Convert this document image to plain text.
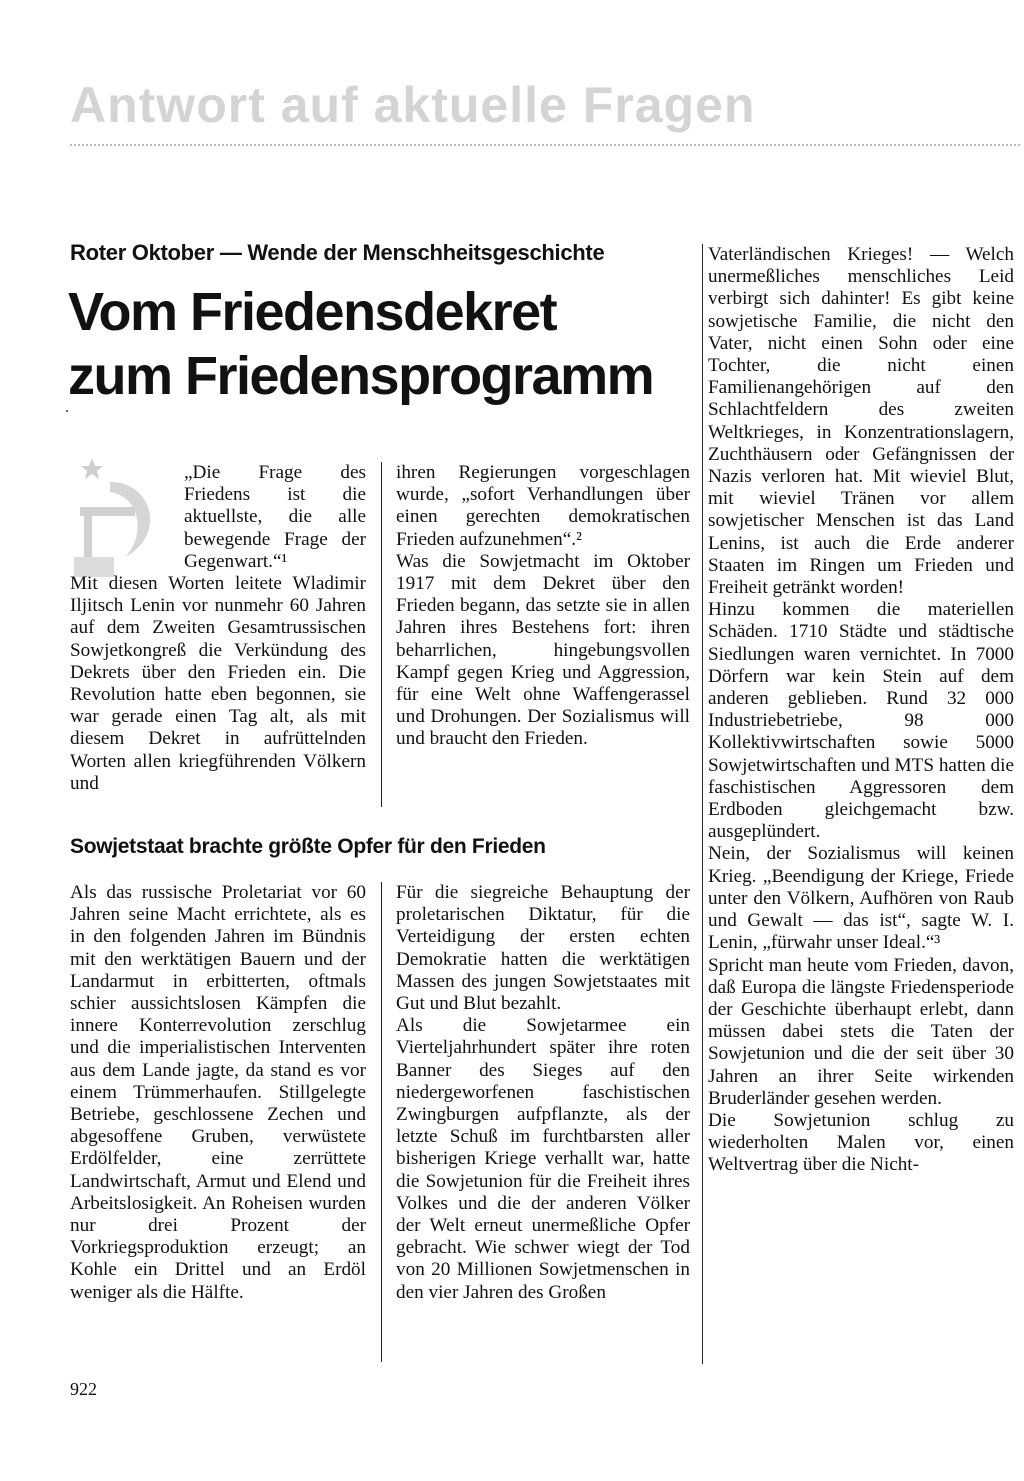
Antwort auf aktuelle Fragen
Roter Oktober — Wende der Menschheitsgeschichte
Vom Friedensdekret
zum Friedensprogramm

„Die Frage des Friedens ist die aktuellste, die alle bewegende Frage der Gegenwart.“¹

Mit diesen Worten leitete Wladimir Iljitsch Lenin vor nunmehr 60 Jahren auf dem Zweiten Gesamtrussischen Sowjetkongreß die Verkündung des Dekrets über den Frieden ein. Die Revolution hatte eben begonnen, sie war gerade einen Tag alt, als mit diesem Dekret in aufrüttelnden Worten allen kriegführenden Völkern und

ihren Regierungen vorgeschlagen wurde, „sofort Verhandlungen über einen gerechten demokratischen Frieden aufzunehmen“.²

Was die Sowjetmacht im Oktober 1917 mit dem Dekret über den Frieden begann, das setzte sie in allen Jahren ihres Bestehens fort: ihren beharrlichen, hingebungsvollen Kampf gegen Krieg und Aggression, für eine Welt ohne Waffengerassel und Drohungen. Der Sozialismus will und braucht den Frieden.

Sowjetstaat brachte größte Opfer für den Frieden

Als das russische Proletariat vor 60 Jahren seine Macht errichtete, als es in den folgenden Jahren im Bündnis mit den werktätigen Bauern und der Landarmut in erbitterten, oftmals schier aussichtslosen Kämpfen die innere Konterrevolution zerschlug und die imperialistischen Interventen aus dem Lande jagte, da stand es vor einem Trümmerhaufen. Stillgelegte Betriebe, geschlossene Zechen und abgesoffene Gruben, verwüstete Erdölfelder, eine zerrüttete Landwirtschaft, Armut und Elend und Arbeitslosigkeit. An Roheisen wurden nur drei Prozent der Vorkriegsproduktion erzeugt; an Kohle ein Drittel und an Erdöl weniger als die Hälfte.

Für die siegreiche Behauptung der proletarischen Diktatur, für die Verteidigung der ersten echten Demokratie hatten die werktätigen Massen des jungen Sowjetstaates mit Gut und Blut bezahlt.

Als die Sowjetarmee ein Vierteljahrhundert später ihre roten Banner des Sieges auf den niedergeworfenen faschistischen Zwingburgen aufpflanzte, als der letzte Schuß im furchtbarsten aller bisherigen Kriege verhallt war, hatte die Sowjetunion für die Freiheit ihres Volkes und die der anderen Völker der Welt erneut unermeßliche Opfer gebracht. Wie schwer wiegt der Tod von 20 Millionen Sowjetmenschen in den vier Jahren des Großen

Vaterländischen Krieges! — Welch unermeßliches menschliches Leid verbirgt sich dahinter! Es gibt keine sowjetische Familie, die nicht den Vater, nicht einen Sohn oder eine Tochter, die nicht einen Familienangehörigen auf den Schlachtfeldern des zweiten Weltkrieges, in Konzentrationslagern, Zuchthäusern oder Gefängnissen der Nazis verloren hat. Mit wieviel Blut, mit wieviel Tränen vor allem sowjetischer Menschen ist das Land Lenins, ist auch die Erde anderer Staaten im Ringen um Frieden und Freiheit getränkt worden!

Hinzu kommen die materiellen Schäden. 1710 Städte und städtische Siedlungen waren vernichtet. In 7000 Dörfern war kein Stein auf dem anderen geblieben. Rund 32 000 Industriebetriebe, 98 000 Kollektivwirtschaften sowie 5000 Sowjetwirtschaften und MTS hatten die faschistischen Aggressoren dem Erdboden gleichgemacht bzw. ausgeplündert.

Nein, der Sozialismus will keinen Krieg. „Beendigung der Kriege, Friede unter den Völkern, Aufhören von Raub und Gewalt — das ist“, sagte W. I. Lenin, „fürwahr unser Ideal.“³

Spricht man heute vom Frieden, davon, daß Europa die längste Friedensperiode der Geschichte überhaupt erlebt, dann müssen dabei stets die Taten der Sowjetunion und die der seit über 30 Jahren an ihrer Seite wirkenden Bruderländer gesehen werden.

Die Sowjetunion schlug zu wiederholten Malen vor, einen Weltvertrag über die Nicht-

922
